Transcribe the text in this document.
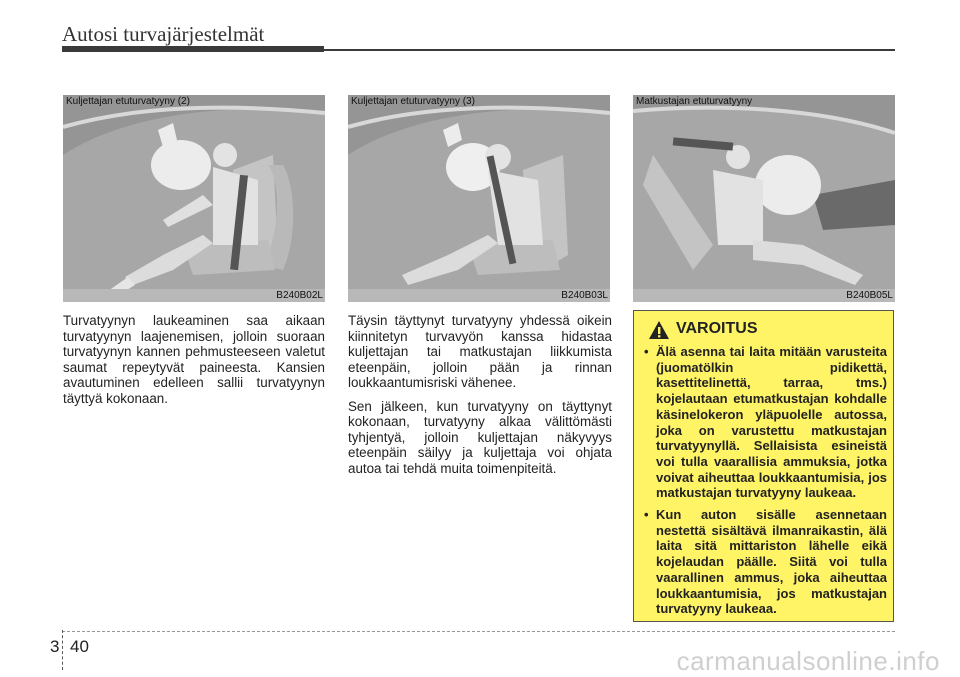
Autosi turvajärjestelmät
Kuljettajan etuturvatyyny (2)
B240B02L
Kuljettajan etuturvatyyny (3)
B240B03L
Matkustajan etuturvatyyny
B240B05L

Turvatyynyn laukeaminen saa aikaan turvatyynyn laajenemisen, jolloin suoraan turvatyynyn kannen pehmusteeseen valetut saumat repeytyvät paineesta. Kansien avautuminen edelleen sallii turvatyynyn täyttyä kokonaan.

Täysin täyttynyt turvatyyny yhdessä oikein kiinnitetyn turvavyön kanssa hidastaa kuljettajan tai matkustajan liikkumista eteenpäin, jolloin pään ja rinnan loukkaantumisriski vähenee.

Sen jälkeen, kun turvatyyny on täyttynyt kokonaan, turvatyyny alkaa välittömästi tyhjentyä, jolloin kuljettajan näkyvyys eteenpäin säilyy ja kuljettaja voi ohjata autoa tai tehdä muita toimenpiteitä.

VAROITUS
• Älä asenna tai laita mitään varusteita (juomatölkin pidikettä, kasettitelinettä, tarraa, tms.) kojelautaan etumatkustajan kohdalle käsinelokeron yläpuolelle autossa, joka on varustettu matkustajan turvatyynyllä. Sellaisista esineistä voi tulla vaarallisia ammuksia, jotka voivat aiheuttaa loukkaantumisia, jos matkustajan turvatyyny laukeaa.
• Kun auton sisälle asennetaan nestettä sisältävä ilmanraikastin, älä laita sitä mittariston lähelle eikä kojelaudan päälle. Siitä voi tulla vaarallinen ammus, joka aiheuttaa loukkaantumisia, jos matkustajan turvatyyny laukeaa.
3 40	carmanualsonline.info
